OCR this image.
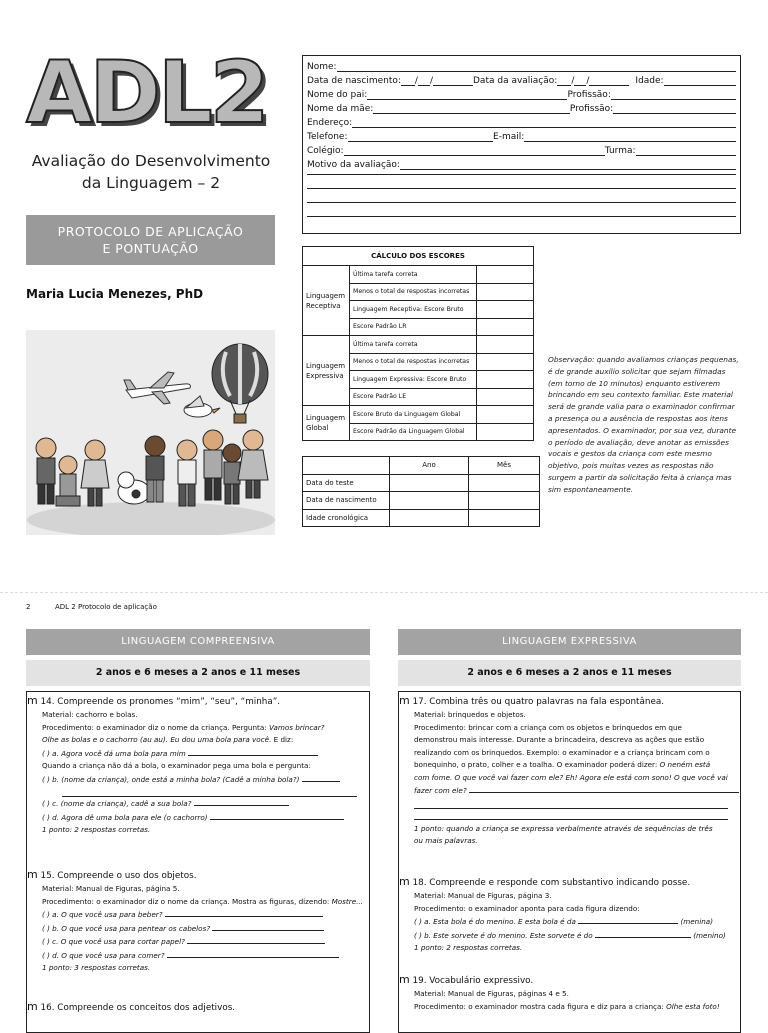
ADL2
Avaliação do Desenvolvimento
da Linguagem – 2
PROTOCOLO DE APLICAÇÃO
E PONTUAÇÃO
Maria Lucia Menezes, PhD
Nome:
Data de nascimento: / /	Data da avaliação: / /	Idade:
Nome do pai:	Profissão:
Nome da mãe:	Profissão:
Endereço:
Telefone:	E-mail:
Colégio:	Turma:
Motivo da avaliação:
CÁLCULO DOS ESCORES		
Linguagem Receptiva	Última tarefa correta	
	Menos o total de respostas incorretas	
	Linguagem Receptiva: Escore Bruto	
	Escore Padrão LR	
Linguagem Expressiva	Última tarefa correta	
	Menos o total de respostas incorretas	
	Linguagem Expressiva: Escore Bruto	
	Escore Padrão LE	
Linguagem Global	Escore Bruto da Linguagem Global	
	Escore Padrão da Linguagem Global	
	Ano	Mês
Data do teste		
Data de nascimento		
Idade cronológica		
Observação: quando avaliamos crianças pequenas, é de grande auxílio solicitar que sejam filmadas (em torno de 10 minutos) enquanto estiverem brincando em seu contexto familiar. Este material será de grande valia para o examinador confirmar a presença ou a ausência de respostas aos itens apresentados. O examinador, por sua vez, durante o período de avaliação, deve anotar as emissões vocais e gestos da criança com este mesmo objetivo, pois muitas vezes as respostas não surgem a partir da solicitação feita à criança mas sim espontaneamente.
2	ADL 2 Protocolo de aplicação
LINGUAGEM COMPREENSIVA
2 anos e 6 meses a 2 anos e 11 meses
m 14. Compreende os pronomes “mim”, “seu”, “minha”.
Material: cachorro e bolas.
Procedimento: o examinador diz o nome da criança. Pergunta: Vamos brincar?
Olhe as bolas e o cachorro (au au). Eu dou uma bola para você. E diz:
( ) a. Agora você dá uma bola para mim
Quando a criança não dá a bola, o examinador pega uma bola e pergunta:
( ) b. (nome da criança), onde está a minha bola? (Cadê a minha bola?)
( ) c. (nome da criança), cadê a sua bola?
( ) d. Agora dê uma bola para ele (o cachorro)
1 ponto: 2 respostas corretas.
m 15. Compreende o uso dos objetos.
Material: Manual de Figuras, página 5.
Procedimento: o examinador diz o nome da criança. Mostra as figuras, dizendo: Mostre...
( ) a. O que você usa para beber?
( ) b. O que você usa para pentear os cabelos?
( ) c. O que você usa para cortar papel?
( ) d. O que você usa para comer?
1 ponto: 3 respostas corretas.
m 16. Compreende os conceitos dos adjetivos.
LINGUAGEM EXPRESSIVA
2 anos e 6 meses a 2 anos e 11 meses
m 17. Combina três ou quatro palavras na fala espontânea.
Material: brinquedos e objetos.
Procedimento: brincar com a criança com os objetos e brinquedos em que
demonstrou mais interesse. Durante a brincadeira, descreva as ações que estão
realizando com os brinquedos. Exemplo: o examinador e a criança brincam com o
bonequinho, o prato, colher e a toalha. O examinador poderá dizer: O neném está
com fome. O que você vai fazer com ele? Eh! Agora ele está com sono! O que você vai
fazer com ele?
1 ponto: quando a criança se expressa verbalmente através de sequências de três
ou mais palavras.
m 18. Compreende e responde com substantivo indicando posse.
Material: Manual de Figuras, página 3.
Procedimento: o examinador aponta para cada figura dizendo:
( ) a. Esta bola é do menino. E esta bola é da	(menina)
( ) b. Este sorvete é do menino. Este sorvete é do	(menino)
1 ponto: 2 respostas corretas.
m 19. Vocabulário expressivo.
Material: Manual de Figuras, páginas 4 e 5.
Procedimento: o examinador mostra cada figura e diz para a criança: Olhe esta foto!
